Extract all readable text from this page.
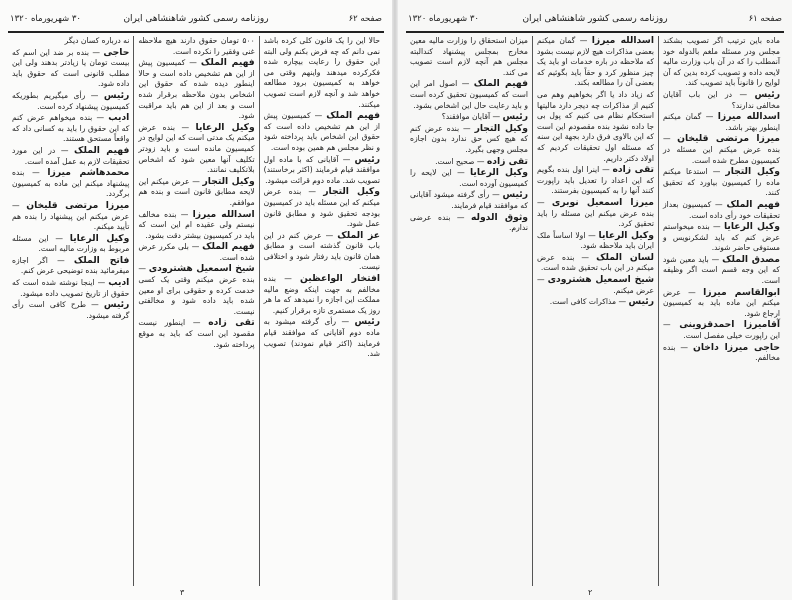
صفحه ۶۲
روزنامه رسمی کشور شاهنشاهی ایران
۳۰ شهریورماه ۱۳۲۰

حالا این را یک قانون کلی کرده باشد نمی دانم که چه فرض بکنم ولی البته این حقوق را رعایت بیچاره شده فکرکرده میدهند واینهم وقتی می خواهد به کمیسیون برود مطالعه خواهد شد و آنچه لازم است تصویب میکنند.

فهیم الملک — کمیسیون پیش از این هم تشخیص داده است که حقوق این اشخاص باید پرداخته شود و نظر مجلس هم همین بوده است.

رئیس — آقایانی که با ماده اول موافقند قیام فرمایند (اکثر برخاستند) تصویب شد. ماده دوم قرائت میشود.

وکیل التجار — بنده عرض میکنم که این مسئله باید در کمیسیون بودجه تحقیق شود و مطابق قانون عمل شود.

عز الملک — عرض کنم در این باب قانون گذشته است و مطابق همان قانون باید رفتار شود و اختلافی نیست.

افتخار الواعظین — بنده مخالفم به جهت اینکه وضع مالیه مملکت این اجازه را نمیدهد که ما هر روز یک مستمری تازه برقرار کنیم.

رئیس — رأی گرفته میشود به ماده دوم آقایانی که موافقند قیام فرمایند (اکثر قیام نمودند) تصویب شد.

۵۰۰ تومان حقوق دارند هیچ ملاحظه غنی وفقیر را نکرده است.

فهیم الملک — کمیسیون پیش از این هم تشخیص داده است و حالا اینطور دیده شده که حقوق این اشخاص بدون ملاحظه برقرار شده است و بعد از این هم باید مراقبت شود.

وکیل الرعایا — بنده عرض میکنم یک مدتی است که این لوایح در کمیسیون مانده است و باید زودتر تکلیف آنها معین شود که اشخاص بلاتکلیف نمانند.

وکیل التجار — عرض میکنم این لایحه مطابق قانون است و بنده هم موافقم.

اسدالله میرزا — بنده مخالف نیستم ولی عقیده ام این است که باید در کمیسیون بیشتر دقت بشود.

فهیم الملک — بلی مکرر عرض شده است.

شیخ اسمعیل هشترودی — بنده عرض میکنم وقتی یک کسی خدمت کرده و حقوقی برای او معین شده باید داده شود و مخالفتی نیست.

تقی زاده — اینطور نیست مقصود این است که باید به موقع پرداخته شود.

نه درباره کسان دیگر

حاجی — بنده بر ضد این اسم که بیست تومان یا زیادتر بدهند ولی این مطلب قانونی است که حقوق باید داده شود.

رئیس — رأی میگیریم بطوریکه کمیسیون پیشنهاد کرده است.

ادیب — بنده میخواهم عرض کنم که این حقوق را باید به کسانی داد که واقعاً مستحق هستند.

فهیم الملک — در این مورد تحقیقات لازم به عمل آمده است.

محمدهاشم میرزا — بنده پیشنهاد میکنم این ماده به کمیسیون برگردد.

میرزا مرتضی قلیخان — عرض میکنم این پیشنهاد را بنده هم تأیید میکنم.

وکیل الرعایا — این مسئله مربوط به وزارت مالیه است.

فاتح الملک — اگر اجازه میفرمائید بنده توضیحی عرض کنم.

ادیب — اینجا نوشته شده است که حقوق از تاریخ تصویب داده میشود.

رئیس — طرح کافی است رأی گرفته میشود.

۳
صفحه ۶۱
روزنامه رسمی کشور شاهنشاهی ایران
۳۰ شهریورماه ۱۳۲۰

ماده باین ترتیب اگر تصویب بشکند مجلس ودر مسئله ملغم بالدوله خود آنمطلب را که در آن باب وزارت مالیه لایحه داده و تصویب کرده بدین که آن لوایح را قانوناً باید تصویب کند.

رئیس — در این باب آقایان مخالفی ندارند؟

اسدالله میرزا — گمان میکنم اینطور بهتر باشد.

میرزا مرتضی قلیخان — بنده عرض میکنم این مسئله در کمیسیون مطرح شده است.

وکیل التجار — استدعا میکنم ماده را کمیسیون بیاورد که تحقیق کنند.

فهیم الملک — کمیسیون بعداز تحقیقات خود رأی داده است.

وکیل الرعایا — بنده میخواستم عرض کنم که باید لشکرنویس و مستوفی حاضر شوند.

مصدق الملک — باید معین شود که این وجه قسم است اگر وظیفه است.

ابوالقاسم میرزا — عرض میکنم این ماده باید به کمیسیون ارجاع شود.

آقامیرزا احمدقزوینی — این راپورت خیلی مفصل است.

حاجی میرزا داخان — بنده مخالفم.

اسدالله میرزا — گمان میکنم بعضی مذاکرات هیچ لازم نیست بشود که ملاحظه در باره خدمات او باید یک چیز منظور کرد و حقاً باید بگوئیم که بعضی آن را مطالعه بکند.

که زیاد داد یا اگر بخواهیم وهم می کنیم از مذاکرات چه دیجر دارد مالیتها استحکام نظام می کنیم که پول بی جا داده نشود بنده مقصودم این است که این بالاوی فرق دارد بجهة این سنه که مسئله اول تحقیقات کردیم که اولاد دکتر داریم.

تقی زاده — اینرا اول بنده بگویم که این اعداد را تعدیل باید راپورت کنند آنها را به کمیسیون بفرستند.

میرزا اسمعیل نوبری — بنده عرض میکنم این مسئله را باید تحقیق کرد.

وکیل الرعایا — اولا اساساً ملک ایران باید ملاحظه شود.

لسان الملک — بنده عرض میکنم در این باب تحقیق شده است.

شیخ اسمعیل هشترودی — عرض میکنم.

رئیس — مذاکرات کافی است.

میزان استحقاق را وزارت مالیه معین مخارج بمجلس پیشنهاد کندالبته مجلس هم آنچه لازم است تصویب می کند.

فهیم الملک — اصول امر این است که کمیسیون تحقیق کرده است و باید رعایت حال این اشخاص بشود.

رئیس — آقایان موافقند؟

وکیل التجار — بنده عرض کنم که هیچ کس حق ندارد بدون اجازه مجلس وجهی بگیرد.

تقی زاده — صحیح است.

وکیل الرعایا — این لایحه را کمیسیون آورده است.

رئیس — رأی گرفته میشود آقایانی که موافقند قیام فرمایند.

وثوق الدوله — بنده عرضی ندارم.

۲
